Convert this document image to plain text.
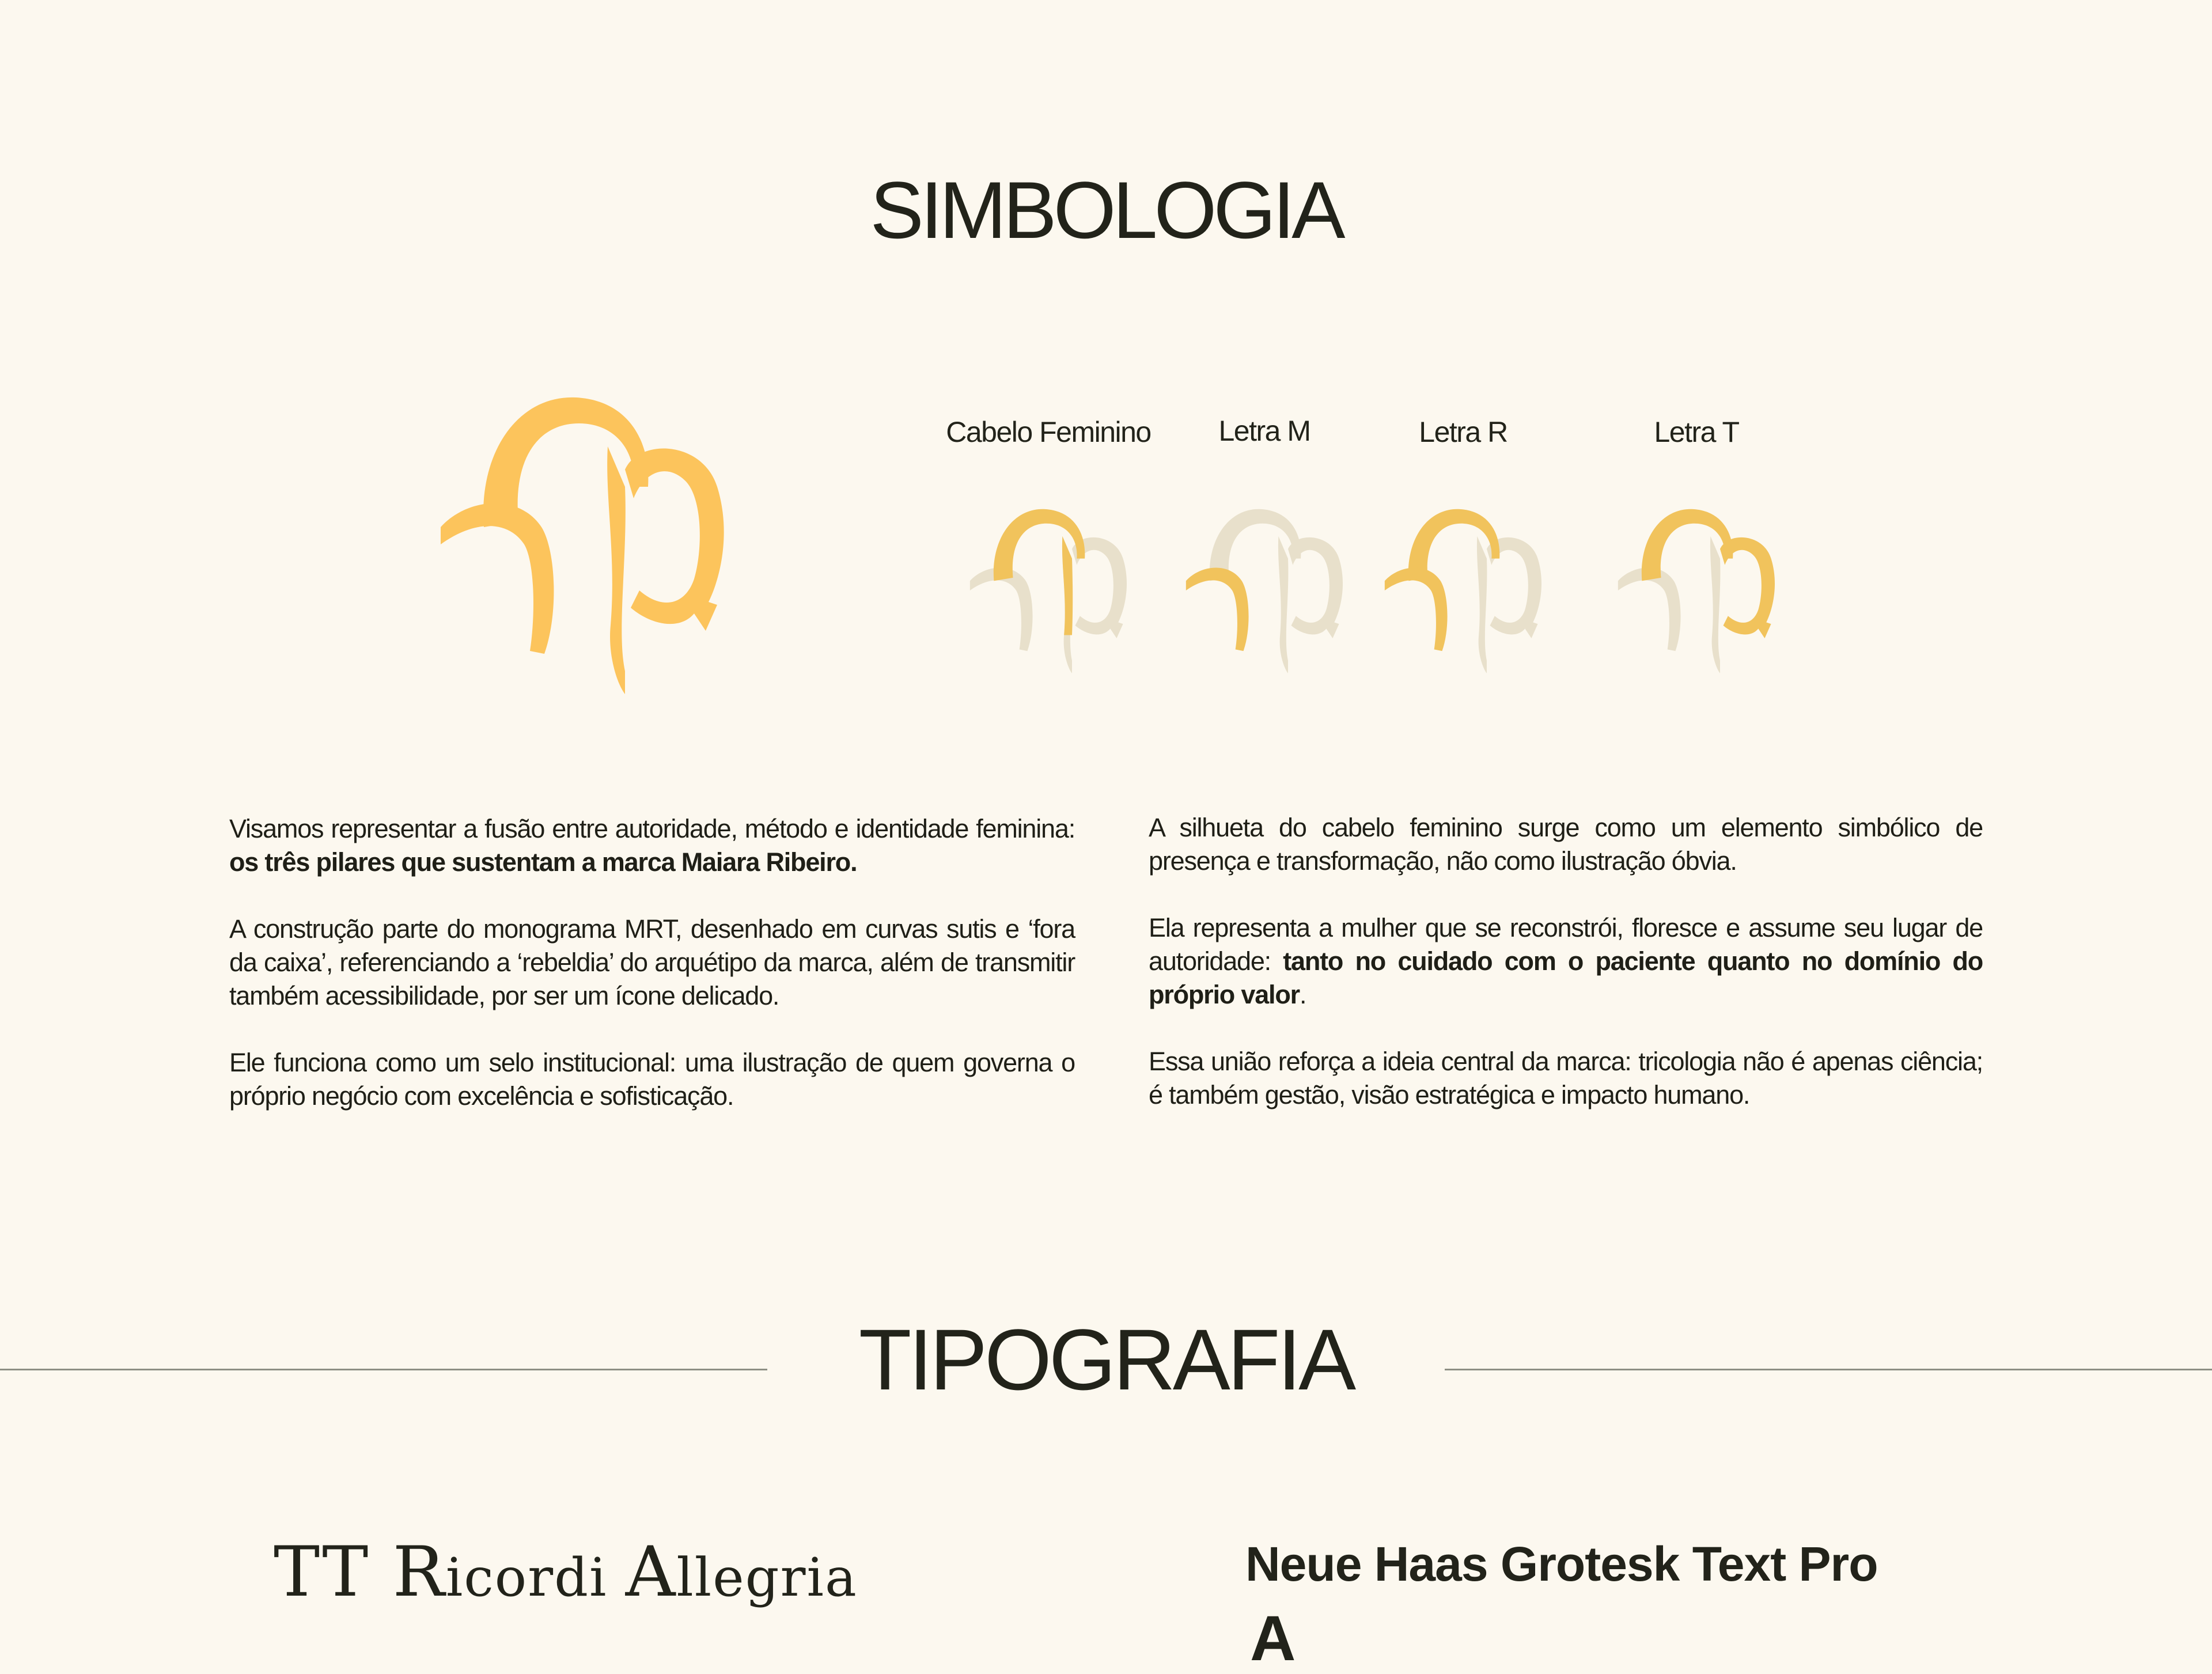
SIMBOLOGIA
Cabelo Feminino Letra M	Letra R	Letra T

Visamos representar a fusão entre autoridade, método e identidade feminina: os três pilares que sustentam a marca Maiara Ribeiro.

A construção parte do monograma MRT, desenhado em curvas sutis e ‘fora da caixa’, referenciando a ‘rebeldia’ do arquétipo da marca, além de transmitir também acessibilidade, por ser um ícone delicado.

Ele funciona como um selo institucional: uma ilustração de quem governa o próprio negócio com excelência e sofisticação.

A silhueta do cabelo feminino surge como um elemento simbólico de presença e transformação, não como ilustração óbvia.

Ela representa a mulher que se reconstrói, floresce e assume seu lugar de autoridade: tanto no cuidado com o paciente quanto no domínio do próprio valor.

Essa união reforça a ideia central da marca: tricologia não é apenas ciência; é também gestão, visão estratégica e impacto humano.

TIPOGRAFIA
TT Ricordi Allegria	Neue Haas Grotesk Text Pro
A
